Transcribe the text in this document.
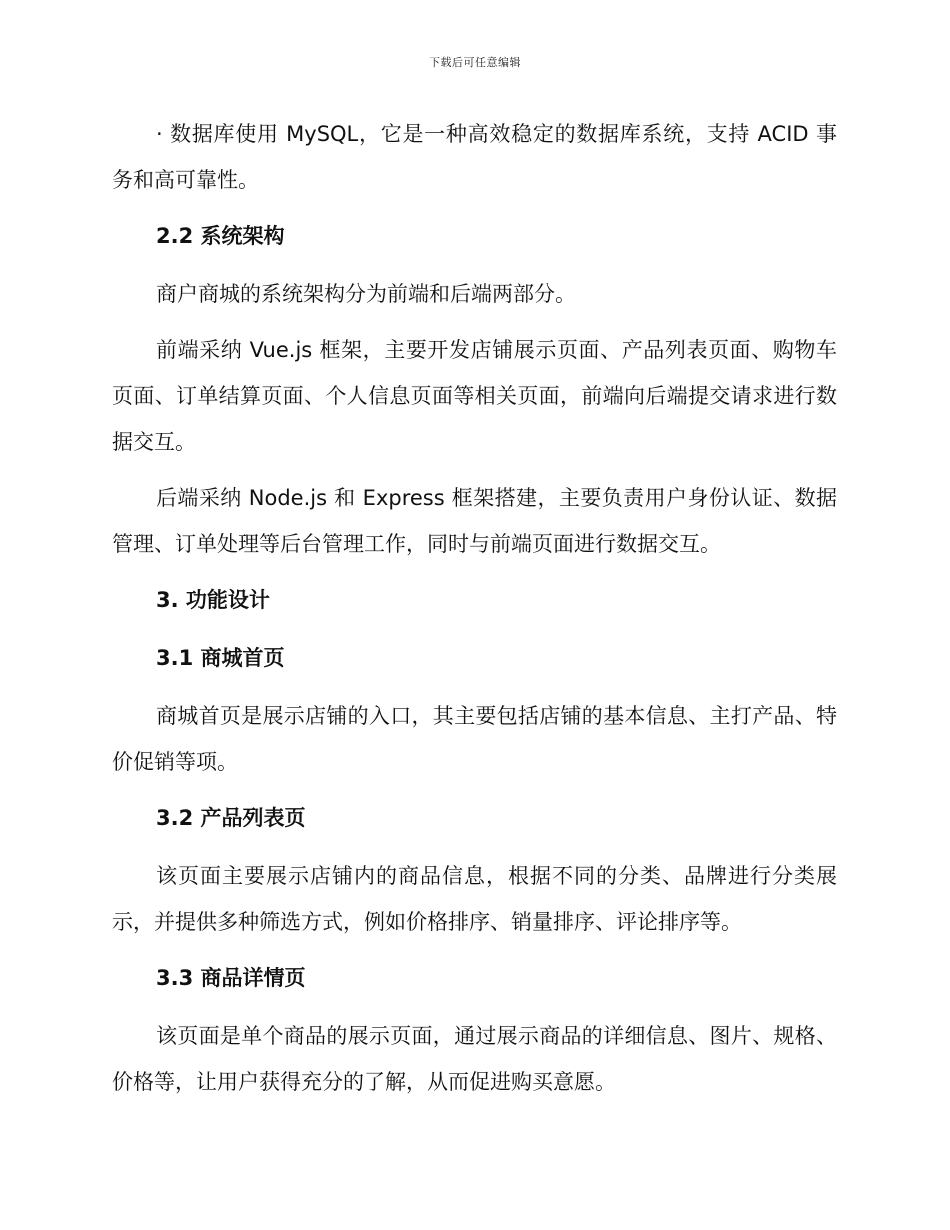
下载后可任意编辑

· 数据库使用 MySQL，它是一种高效稳定的数据库系统，支持 ACID 事务和高可靠性。

2.2 系统架构

商户商城的系统架构分为前端和后端两部分。

前端采纳 Vue.js 框架，主要开发店铺展示页面、产品列表页面、购物车页面、订单结算页面、个人信息页面等相关页面，前端向后端提交请求进行数据交互。

后端采纳 Node.js 和 Express 框架搭建，主要负责用户身份认证、数据管理、订单处理等后台管理工作，同时与前端页面进行数据交互。

3. 功能设计
3.1 商城首页

商城首页是展示店铺的入口，其主要包括店铺的基本信息、主打产品、特价促销等项。

3.2 产品列表页

该页面主要展示店铺内的商品信息，根据不同的分类、品牌进行分类展示，并提供多种筛选方式，例如价格排序、销量排序、评论排序等。

3.3 商品详情页

该页面是单个商品的展示页面，通过展示商品的详细信息、图片、规格、价格等，让用户获得充分的了解，从而促进购买意愿。
